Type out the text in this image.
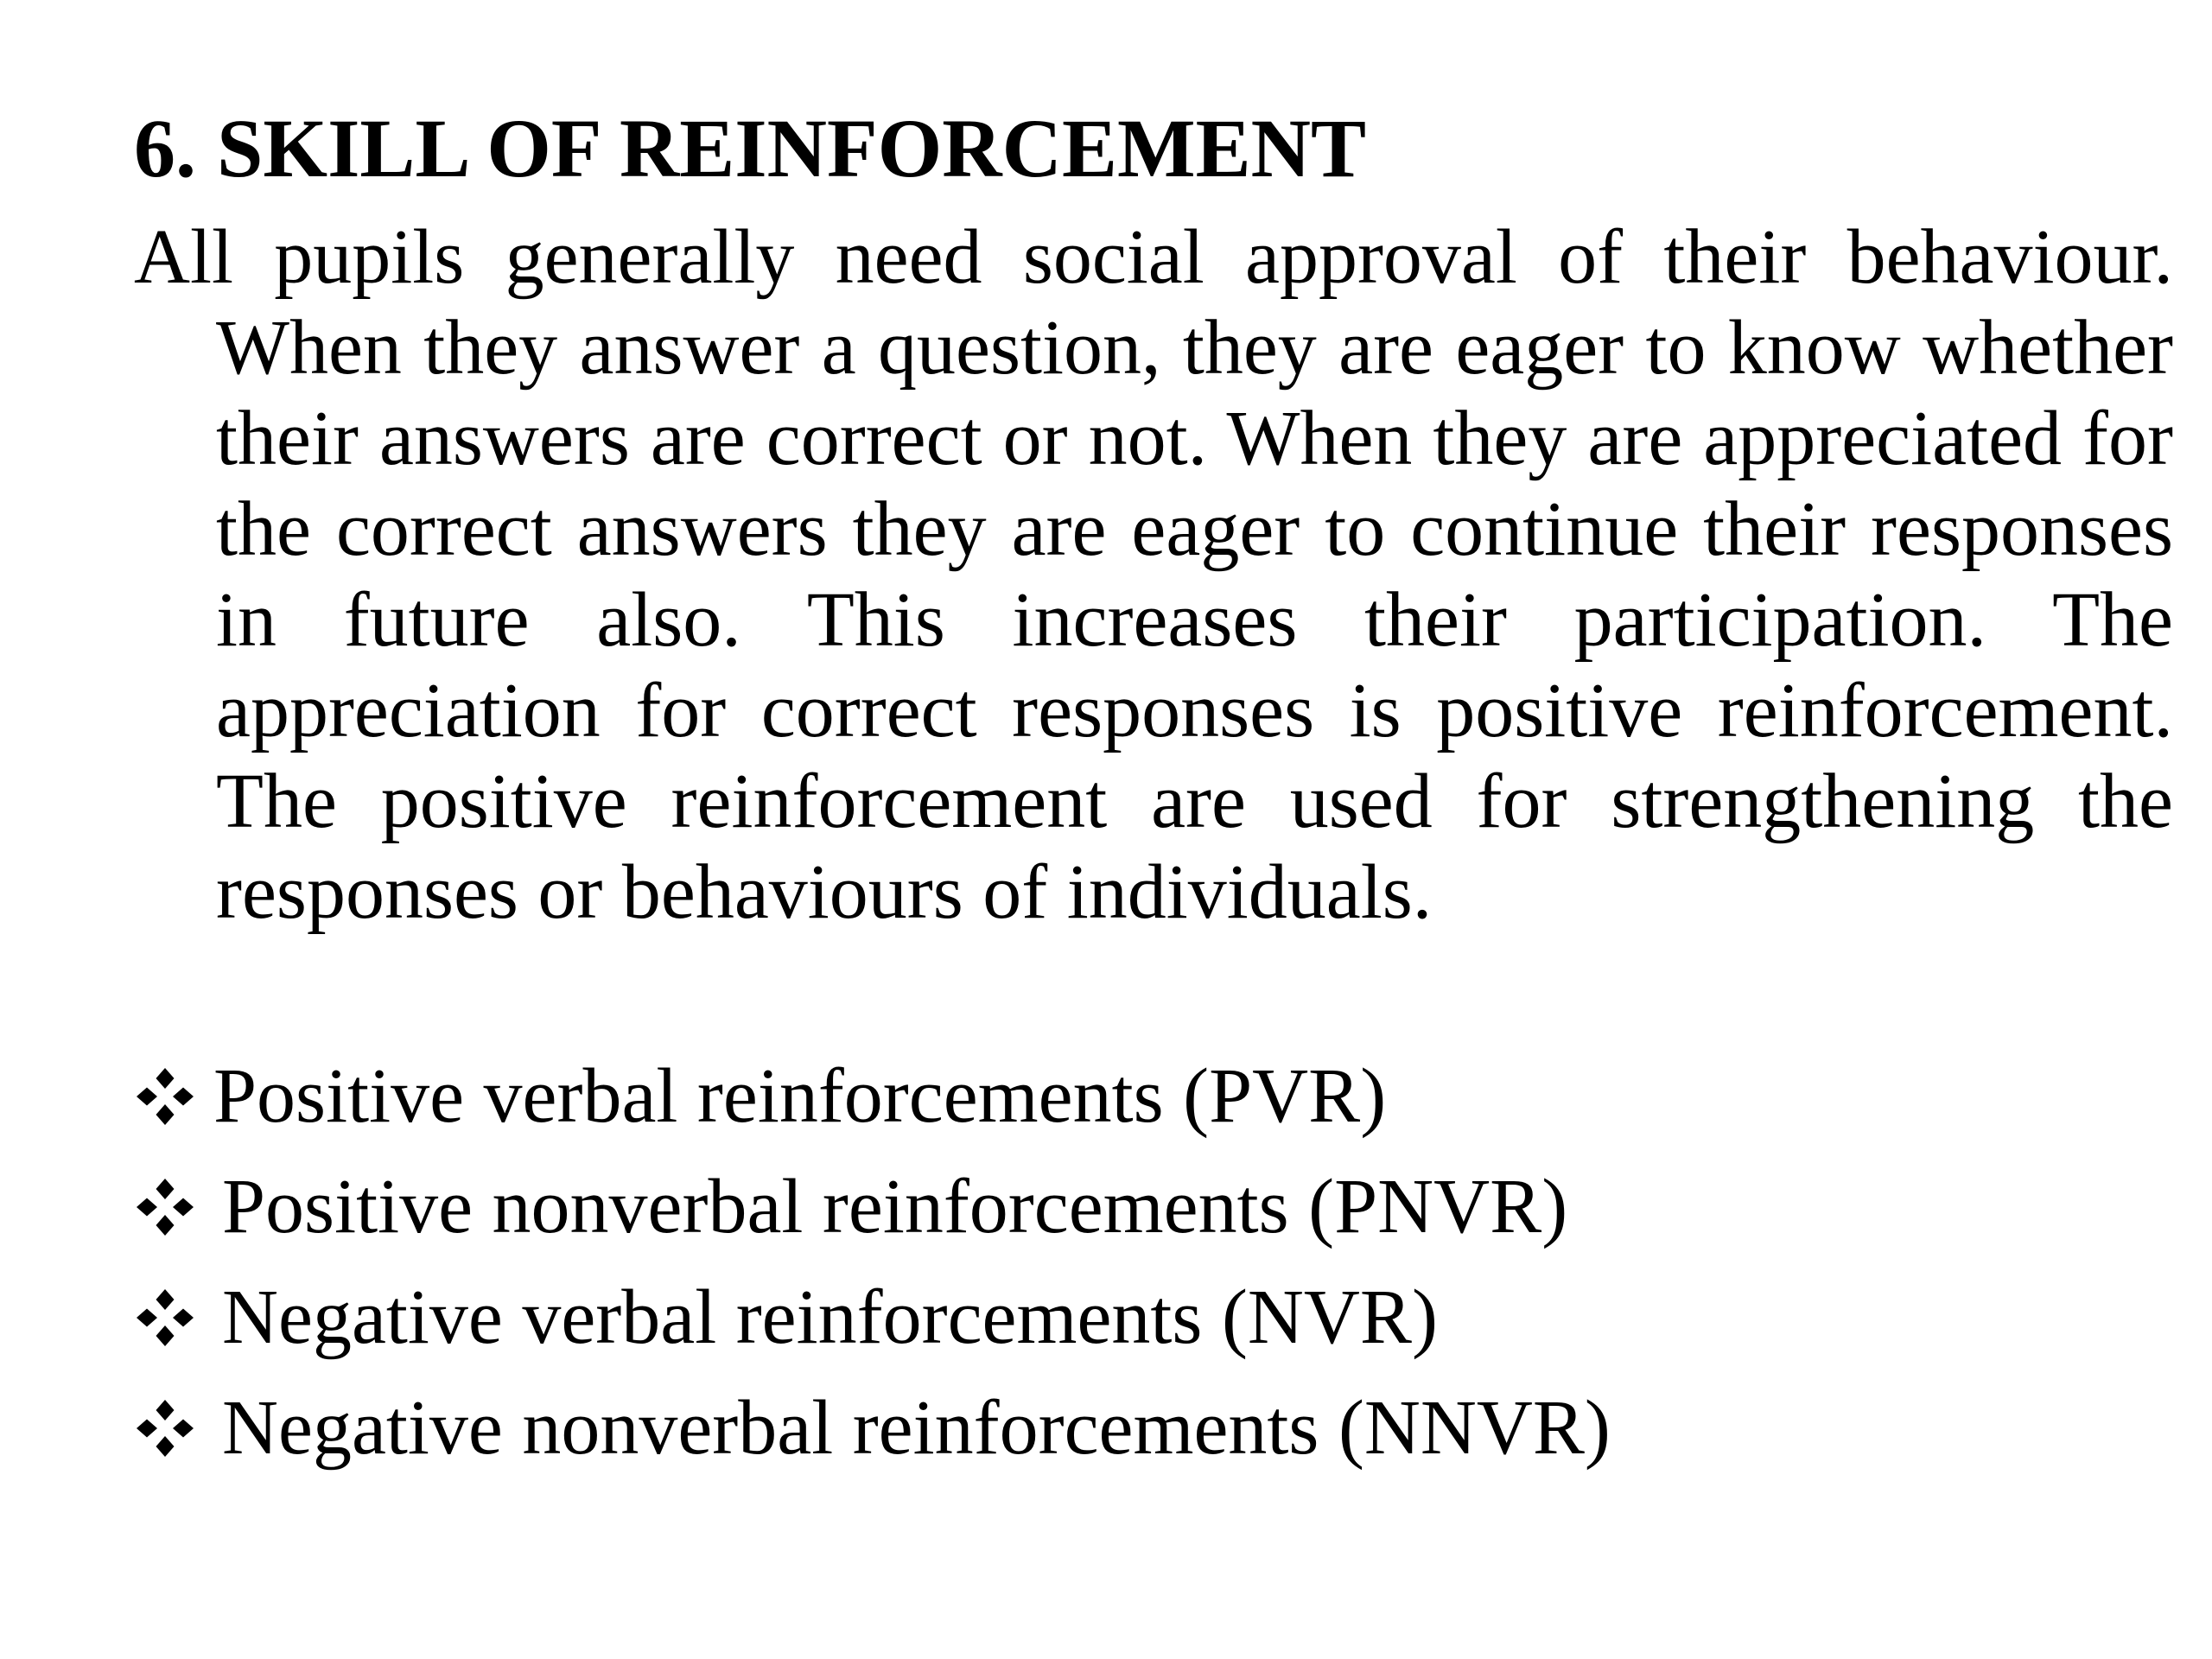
6. SKILL OF REINFORCEMENT

All pupils generally need social approval of their behaviour. When they answer a question, they are eager to know whether their answers are correct or not. When they are appreciated for the correct answers they are eager to continue their responses in future also. This increases their participation. The appreciation for correct responses is positive reinforcement. The positive reinforcement are used for strengthening the responses or behaviours of individuals.

Positive verbal reinforcements (PVR)
Positive nonverbal reinforcements (PNVR)
Negative verbal reinforcements (NVR)
Negative nonverbal reinforcements (NNVR)
